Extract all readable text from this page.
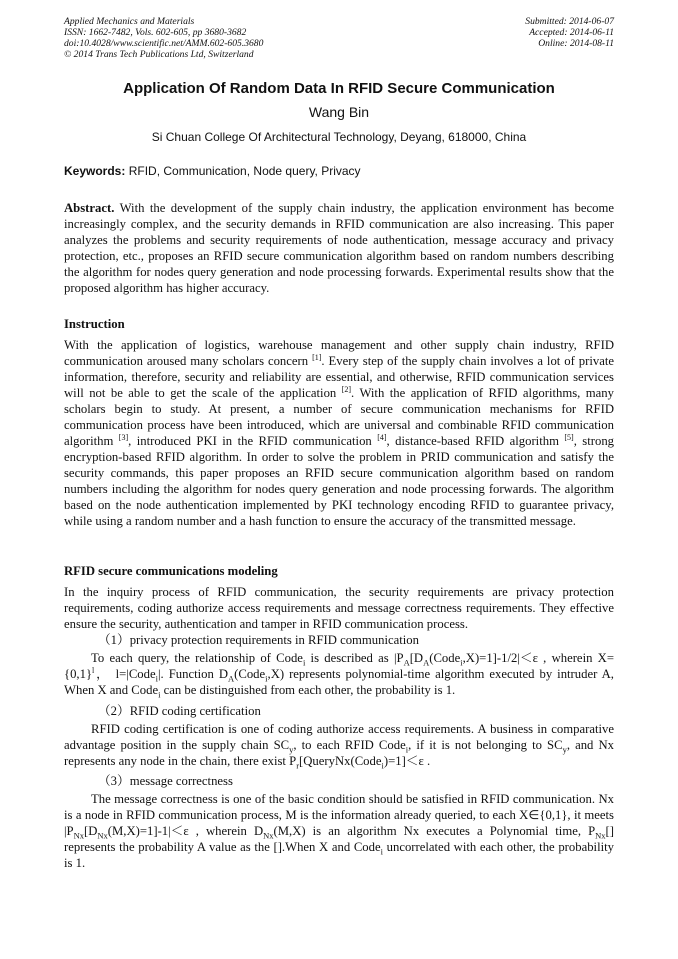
Applied Mechanics and Materials
ISSN: 1662-7482, Vols. 602-605, pp 3680-3682
doi:10.4028/www.scientific.net/AMM.602-605.3680
© 2014 Trans Tech Publications Ltd, Switzerland
Submitted: 2014-06-07
Accepted: 2014-06-11
Online: 2014-08-11
Application Of Random Data In RFID Secure Communication
Wang Bin
Si Chuan College Of Architectural Technology, Deyang, 618000, China
Keywords: RFID, Communication, Node query, Privacy
Abstract. With the development of the supply chain industry, the application environment has become increasingly complex, and the security demands in RFID communication are also increasing. This paper analyzes the problems and security requirements of node authentication, message accuracy and privacy protection, etc., proposes an RFID secure communication algorithm based on random numbers describing the algorithm for nodes query generation and node processing forwards. Experimental results show that the proposed algorithm has higher accuracy.
Instruction
With the application of logistics, warehouse management and other supply chain industry, RFID communication aroused many scholars concern [1]. Every step of the supply chain involves a lot of private information, therefore, security and reliability are essential, and otherwise, RFID communication services will not be able to get the scale of the application [2]. With the application of RFID algorithms, many scholars begin to study. At present, a number of secure communication mechanisms for RFID communication process have been introduced, which are universal and combinable RFID communication algorithm [3], introduced PKI in the RFID communication [4], distance-based RFID algorithm [5], strong encryption-based RFID algorithm. In order to solve the problem in PRID communication and satisfy the security commands, this paper proposes an RFID secure communication algorithm based on random numbers including the algorithm for nodes query generation and node processing forwards. The algorithm based on the node authentication implemented by PKI technology encoding RFID to guarantee privacy, while using a random number and a hash function to ensure the accuracy of the transmitted message.
RFID secure communications modeling
In the inquiry process of RFID communication, the security requirements are privacy protection requirements, coding authorize access requirements and message correctness requirements. They effective ensure the security, authentication and tamper in RFID communication process.
（1）privacy protection requirements in RFID communication
To each query, the relationship of Code$_i$ is described as $|P_A[D_A(Code_i,X)=1]-1/2|<\varepsilon$ , wherein $X=\{0,1\}^l$， l=|Code$_i$|. Function $D_A(Code_i,X)$ represents polynomial-time algorithm executed by intruder A, When X and Code$_i$ can be distinguished from each other, the probability is 1.
（2）RFID coding certification
RFID coding certification is one of coding authorize access requirements. A business in comparative advantage position in the supply chain $SC_y$, to each RFID Code$_i$, if it is not belonging to $SC_y$, and Nx represents any node in the chain, there exist $P_r[QueryNx(Code_i)=1]<\varepsilon$ .
（3）message correctness
The message correctness is one of the basic condition should be satisfied in RFID communication. Nx is a node in RFID communication process, M is the information already queried, to each X∈{0,1}, it meets $|P_{Nx}[D_{Nx}(M,X)=1]-1|<\varepsilon$ , wherein $D_{Nx}(M,X)$ is an algorithm Nx executes a Polynomial time, $P_{Nx}[]$ represents the probability A value as the [].When X and Code$_i$ uncorrelated with each other, the probability is 1.
